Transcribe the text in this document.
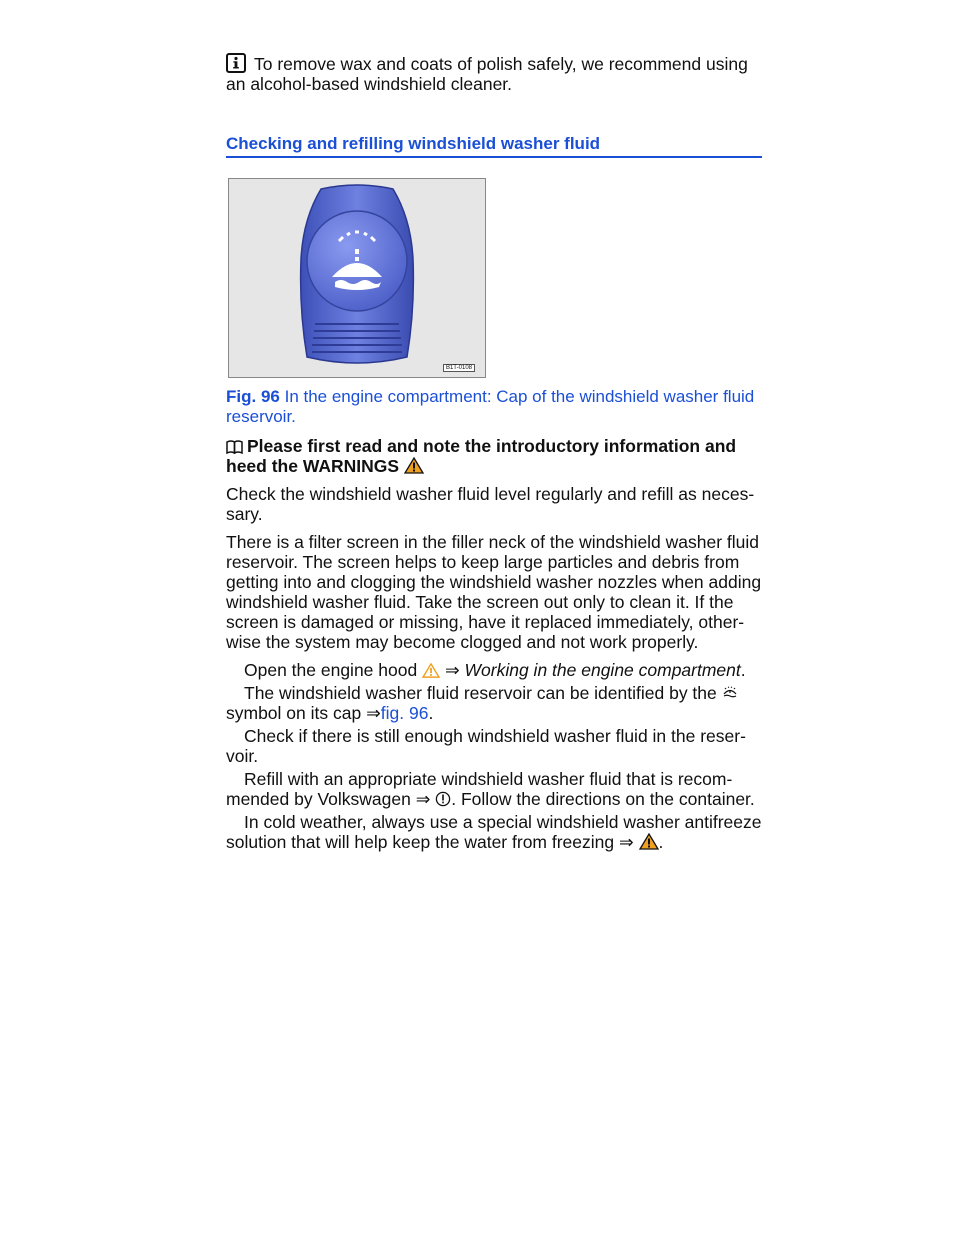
To remove wax and coats of polish safely, we recommend using an alcohol-based windshield cleaner.

Checking and refilling windshield washer fluid
B1T-0108

Fig. 96 In the engine compartment: Cap of the windshield washer fluid reservoir.

Please first read and note the introductory information and heed the WARNINGS

Check the windshield washer fluid level regularly and refill as neces-sary.

There is a filter screen in the filler neck of the windshield washer fluid reservoir. The screen helps to keep large particles and debris from getting into and clogging the windshield washer nozzles when adding windshield washer fluid. Take the screen out only to clean it. If the screen is damaged or missing, have it replaced immediately, other-wise the system may become clogged and not work properly.

Open the engine hood ⇒ Working in the engine compartment.

The windshield washer fluid reservoir can be identified by the  symbol on its cap ⇒fig. 96.

Check if there is still enough windshield washer fluid in the reser-voir.

Refill with an appropriate windshield washer fluid that is recom-mended by Volkswagen ⇒ . Follow the directions on the container.

In cold weather, always use a special windshield washer antifreeze solution that will help keep the water from freezing ⇒ .
